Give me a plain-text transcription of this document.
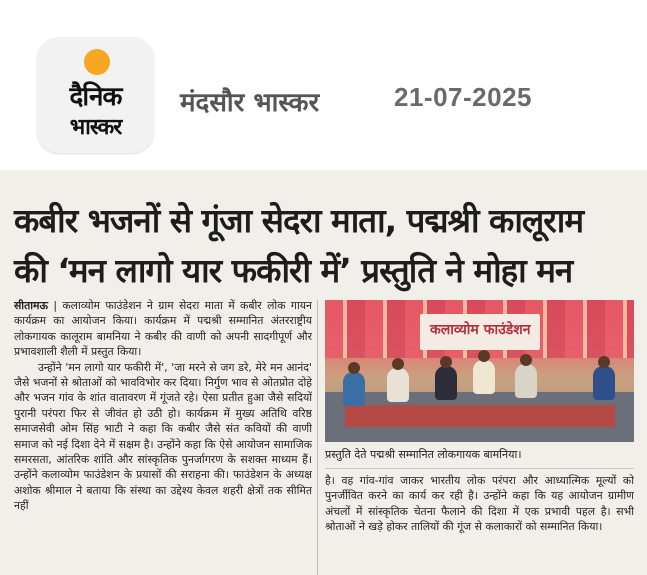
दैनिक
भास्कर
मंदसौर भास्कर	21-07-2025
कबीर भजनों से गूंजा सेदरा माता, पद्मश्री कालूराम
की ‘मन लागो यार फकीरी में’ प्रस्तुति ने मोहा मन

सीतामऊ | कलाव्योम फाउंडेशन ने ग्राम सेदरा माता में कबीर लोक गायन कार्यक्रम का आयोजन किया। कार्यक्रम में पद्मश्री सम्मानित अंतरराष्ट्रीय लोकगायक कालूराम बामनिया ने कबीर की वाणी को अपनी सादगीपूर्ण और प्रभावशाली शैली में प्रस्तुत किया।

उन्होंने 'मन लागो यार फकीरी में', 'जा मरने से जग डरे, मेरे मन आनंद' जैसे भजनों से श्रोताओं को भावविभोर कर दिया। निर्गुण भाव से ओतप्रोत दोहे और भजन गांव के शांत वातावरण में गूंजते रहे। ऐसा प्रतीत हुआ जैसे सदियों पुरानी परंपरा फिर से जीवंत हो उठी हो। कार्यक्रम में मुख्य अतिथि वरिष्ठ समाजसेवी ओम सिंह भाटी ने कहा कि कबीर जैसे संत कवियों की वाणी समाज को नई दिशा देने में सक्षम है। उन्होंने कहा कि ऐसे आयोजन सामाजिक समरसता, आंतरिक शांति और सांस्कृतिक पुनर्जागरण के सशक्त माध्यम हैं। उन्होंने कलाव्योम फाउंडेशन के प्रयासों की सराहना की। फाउंडेशन के अध्यक्ष अशोक श्रीमाल ने बताया कि संस्था का उद्देश्य केवल शहरी क्षेत्रों तक सीमित नहीं

कलाव्योम फाउंडेशन
प्रस्तुति देते पद्मश्री सम्मानित लोकगायक बामनिया।

है। वह गांव-गांव जाकर भारतीय लोक परंपरा और आध्यात्मिक मूल्यों को पुनर्जीवित करने का कार्य कर रही है। उन्होंने कहा कि यह आयोजन ग्रामीण अंचलों में सांस्कृतिक चेतना फैलाने की दिशा में एक प्रभावी पहल है। सभी श्रोताओं ने खड़े होकर तालियों की गूंज से कलाकारों को सम्मानित किया।
